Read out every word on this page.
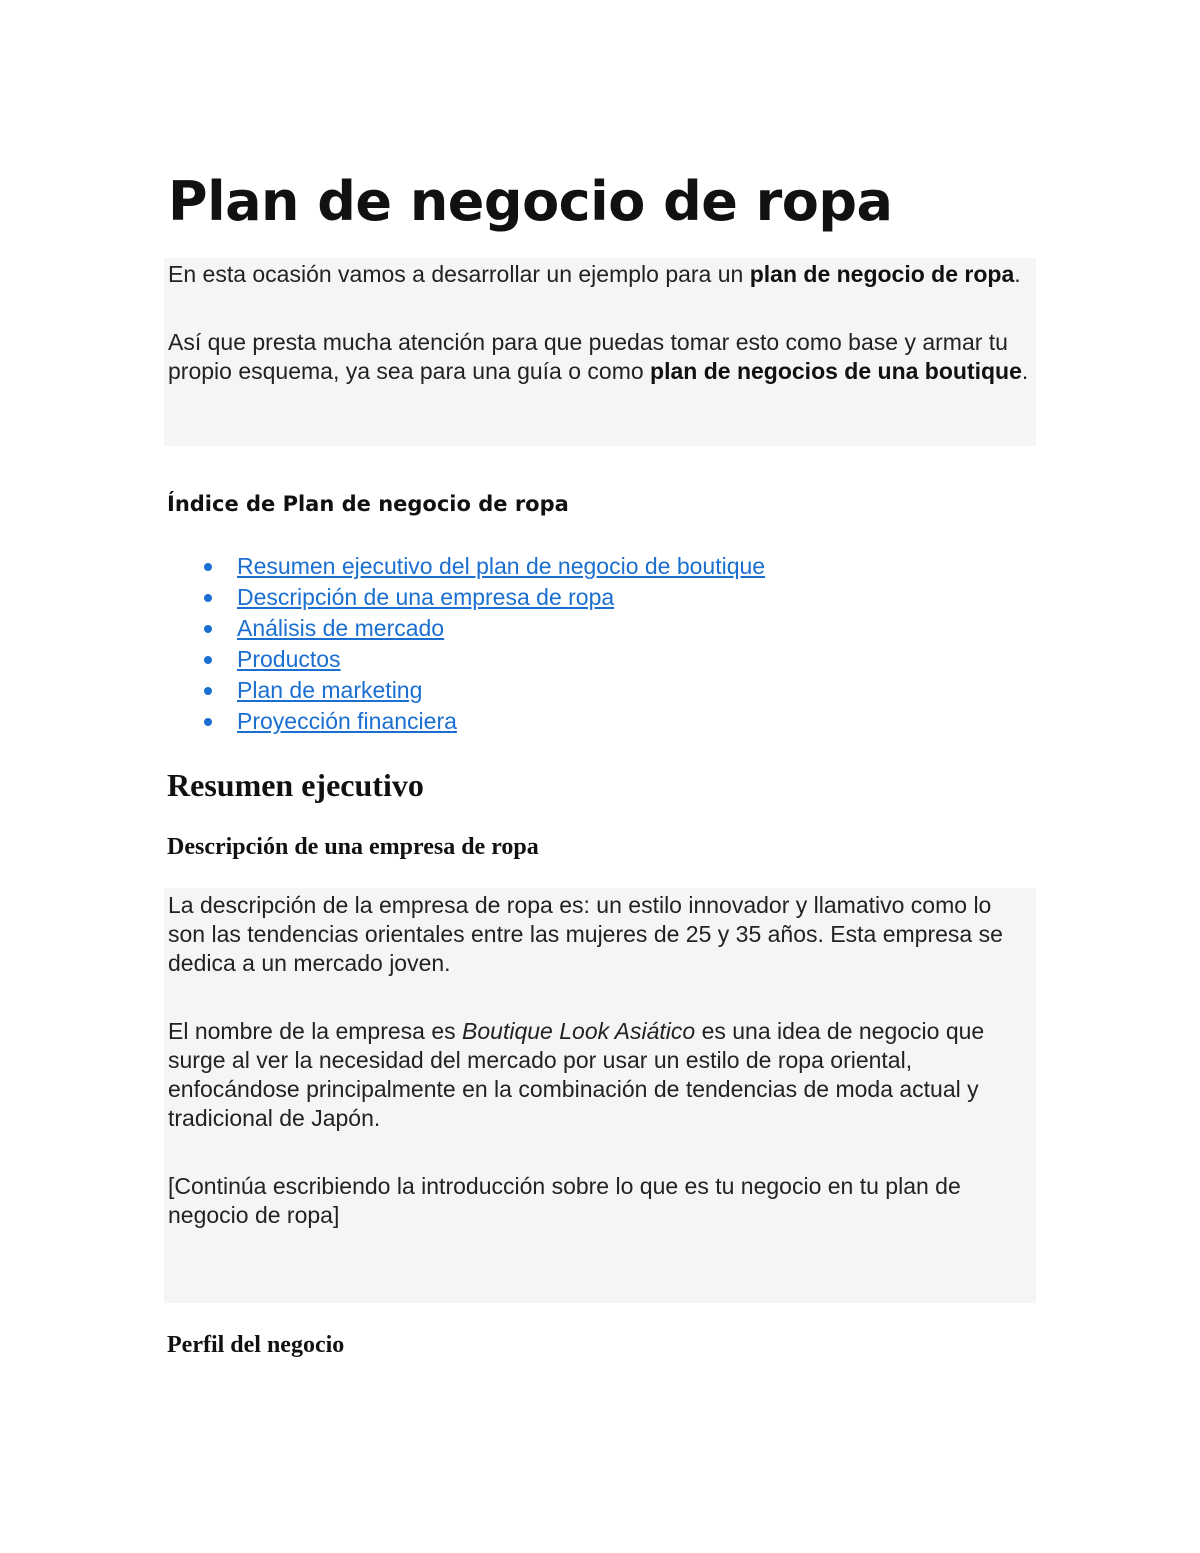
Plan de negocio de ropa

En esta ocasión vamos a desarrollar un ejemplo para un plan de negocio de ropa.

Así que presta mucha atención para que puedas tomar esto como base y armar tu propio esquema, ya sea para una guía o como plan de negocios de una boutique.

Índice de Plan de negocio de ropa
Resumen ejecutivo del plan de negocio de boutique
Descripción de una empresa de ropa
Análisis de mercado
Productos
Plan de marketing
Proyección financiera
Resumen ejecutivo
Descripción de una empresa de ropa

La descripción de la empresa de ropa es: un estilo innovador y llamativo como lo son las tendencias orientales entre las mujeres de 25 y 35 años. Esta empresa se dedica a un mercado joven.

El nombre de la empresa es Boutique Look Asiático es una idea de negocio que surge al ver la necesidad del mercado por usar un estilo de ropa oriental, enfocándose principalmente en la combinación de tendencias de moda actual y tradicional de Japón.

[Continúa escribiendo la introducción sobre lo que es tu negocio en tu plan de negocio de ropa]

Perfil del negocio
